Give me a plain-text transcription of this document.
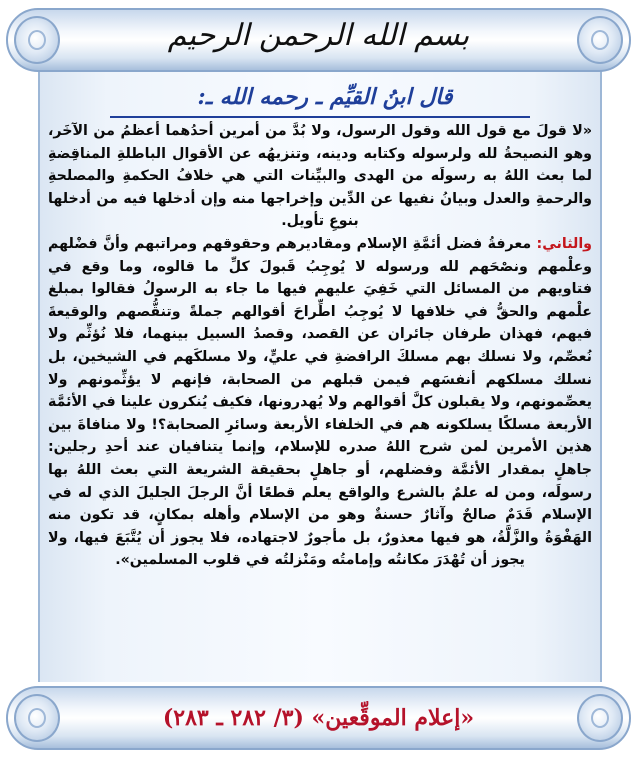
بسم الله الرحمن الرحيم
قال ابنُ القيِّم ـ رحمه الله ـ:

«لا قولَ مع قول الله وقول الرسول، ولا بُدَّ من أمرين أحدُهما أعظمُ من الآخَر، وهو النصيحةُ لله ولرسوله وكتابه ودينه، وتنزيهُه عن الأقوال الباطلةِ المناقِضةِ لما بعث اللهُ به رسولَه من الهدى والبيِّنات التي هي خلافُ الحكمةِ والمصلحةِ والرحمةِ والعدل وبيانُ نفيها عن الدِّين وإخراجها منه وإن أدخلها فيه من أدخلها بنوعِ تأويل.

والثاني: معرفةُ فضل أئمَّةِ الإسلام ومقاديرهم وحقوقهم ومراتبهم وأنَّ فضْلهم وعلْمهم ونصْحَهم لله ورسوله لا يُوجِبُ قَبولَ كلِّ ما قالوه، وما وقع في فتاويهم من المسائل التي خَفِيَ عليهم فيها ما جاء به الرسولُ فقالوا بمبلغ علْمهم والحقُّ في خلافها لا يُوجِبُ اطِّراحَ أقوالهم جملةً وتنقُّصهم والوقيعةَ فيهم، فهذان طرفان جائران عن القصد، وقصدُ السبيل بينهما، فلا نُؤثِّم ولا نُعصِّم، ولا نسلك بهم مسلكَ الرافضةِ في عليٍّ، ولا مسلكَهم في الشيخين، بل نسلك مسلكهم أنفسَهم فيمن قبلهم من الصحابة، فإنهم لا يؤثِّمونهم ولا يعصِّمونهم، ولا يقبلون كلَّ أقوالهم ولا يُهدرونها، فكيف يُنكرون علينا في الأئمَّة الأربعة مسلكًا يسلكونه هم في الخلفاء الأربعة وسائرِ الصحابة؟! ولا منافاةَ بين هذين الأمرين لمن شرح اللهُ صدره للإسلام، وإنما يتنافيان عند أحدِ رجلين: جاهلٍ بمقدار الأئمَّة وفضلهم، أو جاهلٍ بحقيقة الشريعة التي بعث اللهُ بها رسولَه، ومن له علمٌ بالشرع والواقع يعلم قطعًا أنَّ الرجلَ الجليلَ الذي له في الإسلام قَدَمٌ صالحٌ وآثارٌ حسنةٌ وهو من الإسلام وأهله بمكانٍ، قد تكون منه الهَفْوَةُ والزَّلَّةُ، هو فيها معذورٌ، بل مأجورٌ لاجتهاده، فلا يجوز أن يُتَّبَعَ فيها، ولا يجوز أن تُهْدَرَ مكانتُه وإمامتُه ومَنْزلتُه في قلوب المسلمين».

«إعلام الموقِّعين» (٣/ ٢٨٢ ـ ٢٨٣)
